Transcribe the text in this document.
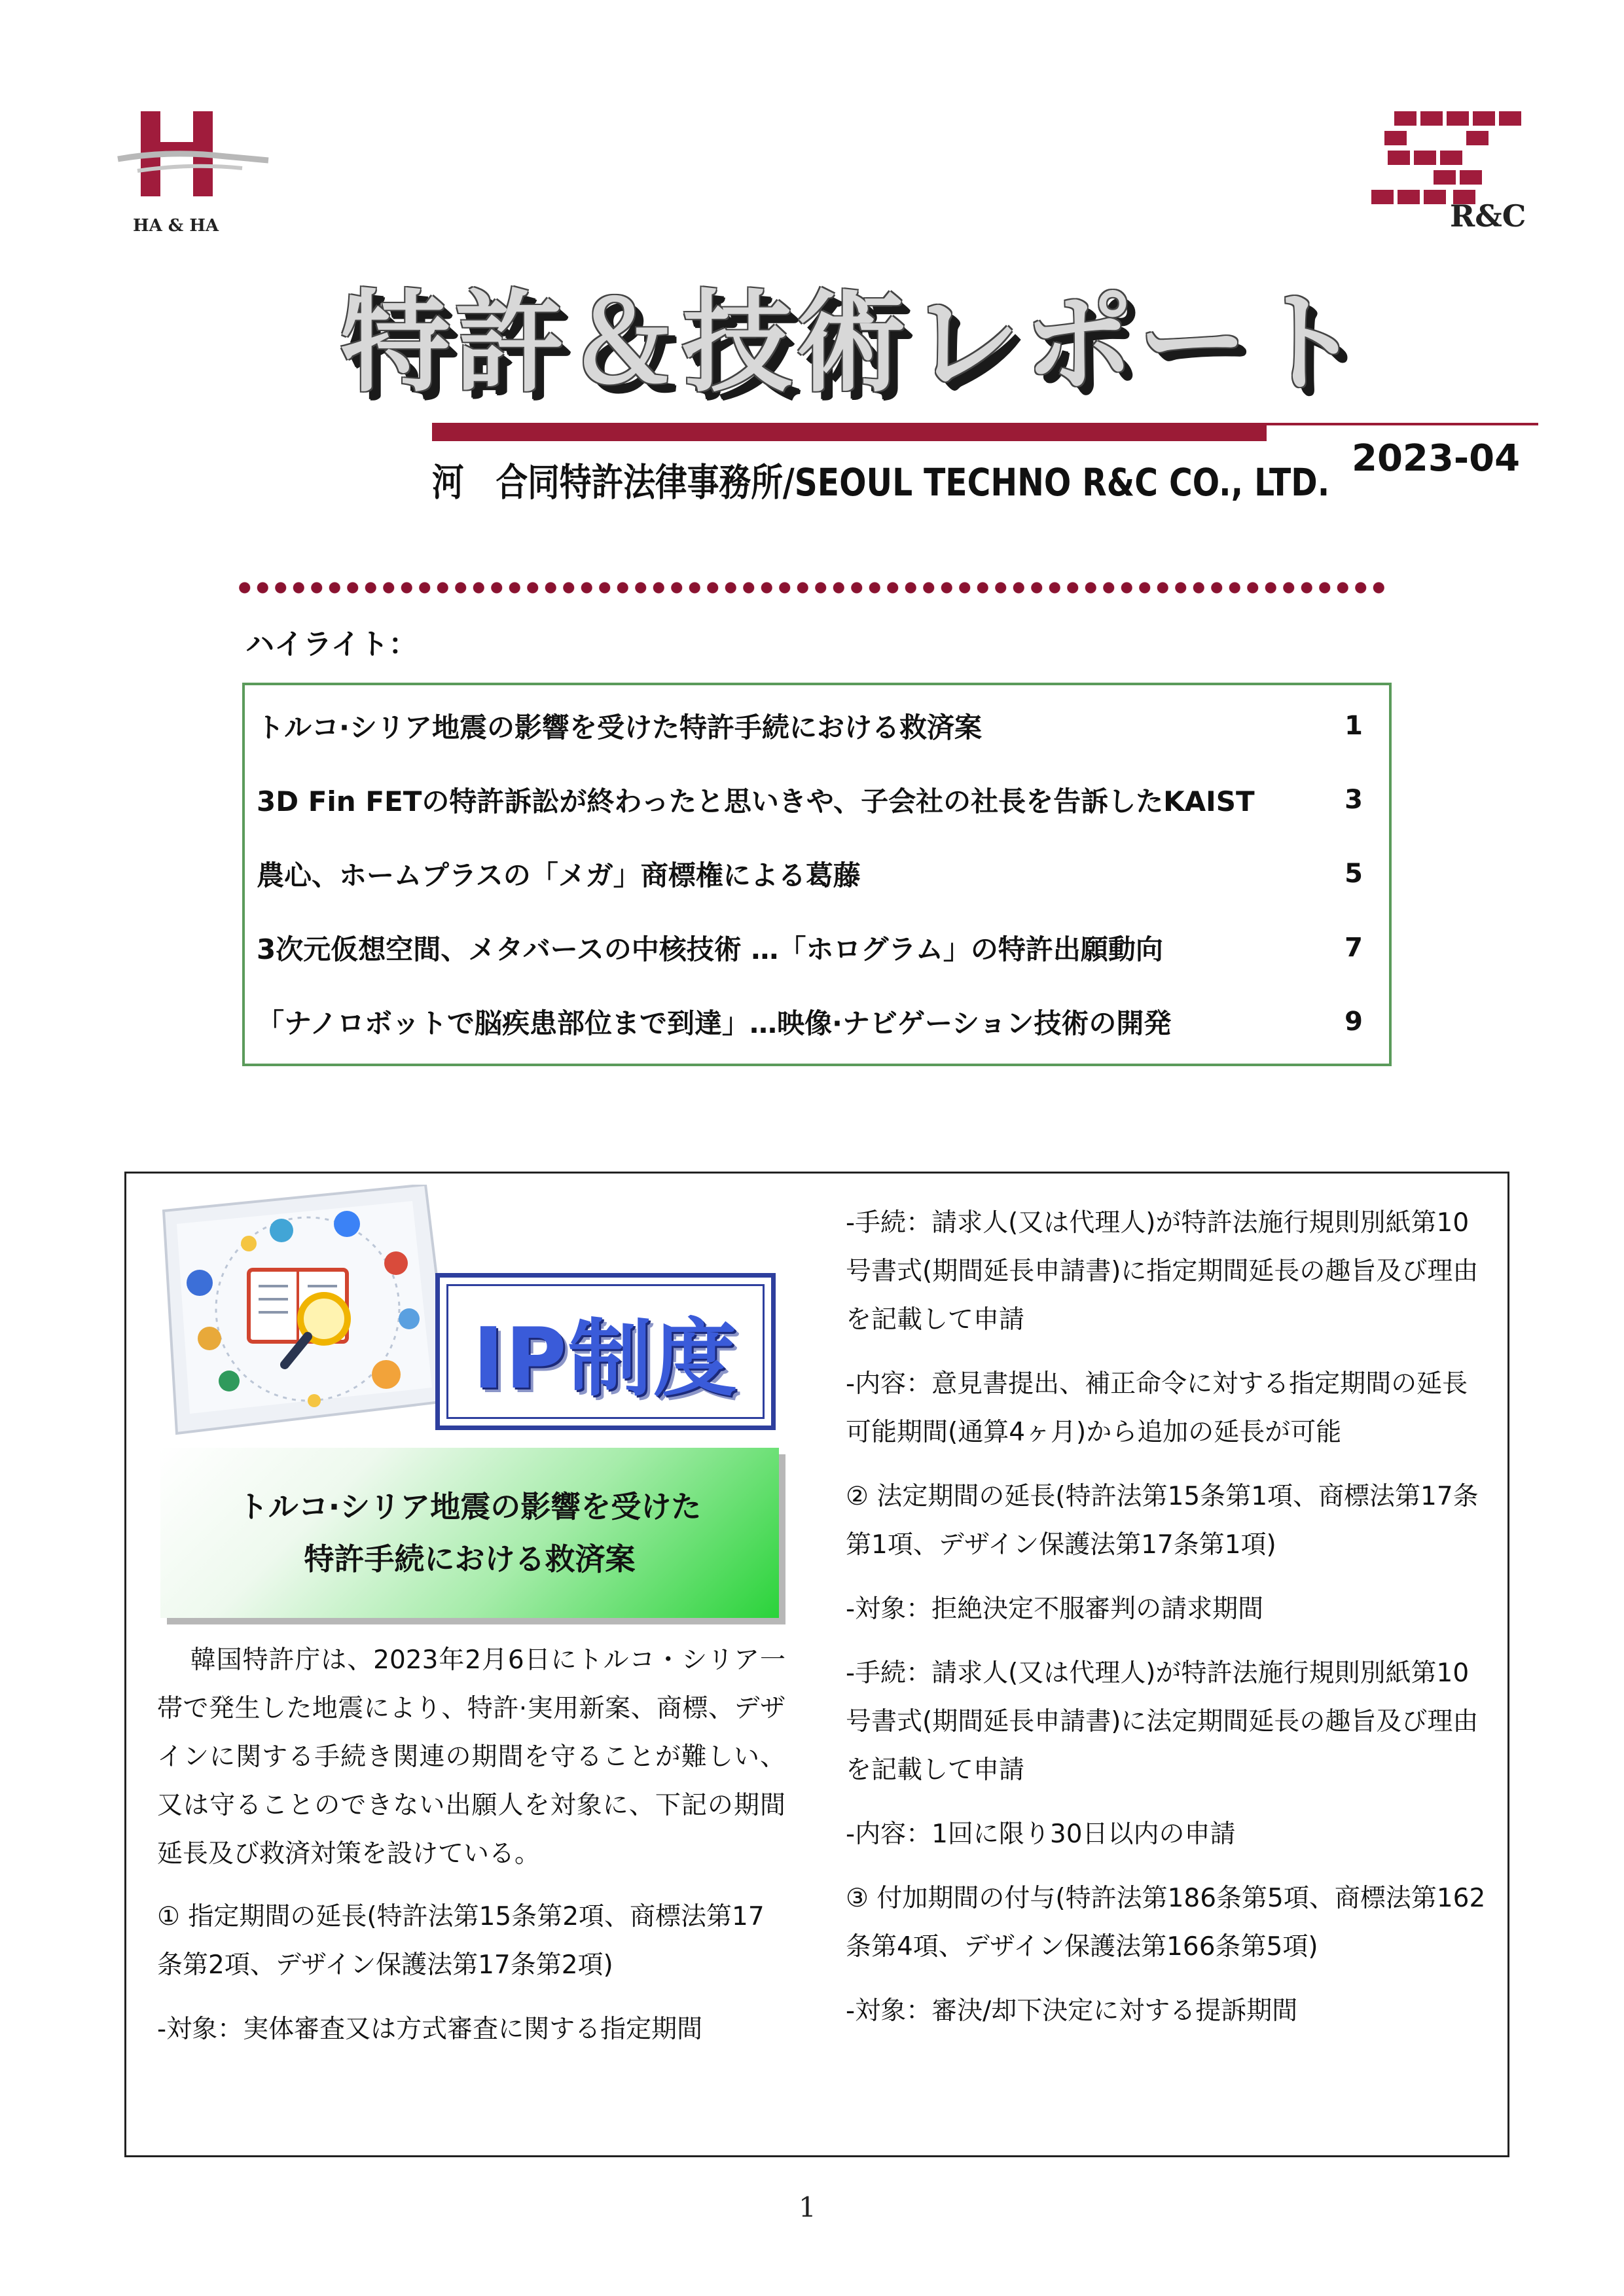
HA & HA	R&C
特許＆技術レポート
河　合同特許法律事務所/SEOUL TECHNO R&C CO., LTD.
2023-04
ハイライト：
トルコ·シリア地震の影響を受けた特許手続における救済案	1
3D Fin FETの特許訴訟が終わったと思いきや、子会社の社長を告訴したKAIST	3
農心、ホームプラスの「メガ」商標権による葛藤	5
3次元仮想空間、メタバースの中核技術 …「ホログラム」の特許出願動向	7
「ナノロボットで脳疾患部位まで到達」…映像·ナビゲーション技術の開発	9
IP制度
トルコ·シリア地震の影響を受けた
特許手続における救済案

韓国特許庁は、2023年2月6日にトルコ・シリア一帯で発生した地震により、特許·実用新案、商標、デザインに関する手続き関連の期間を守ることが難しい、又は守ることのできない出願人を対象に、下記の期間延長及び救済対策を設けている。

① 指定期間の延長(特許法第15条第2項、商標法第17条第2項、デザイン保護法第17条第2項)

-対象：実体審査又は方式審査に関する指定期間

-手続：請求人(又は代理人)が特許法施行規則別紙第10号書式(期間延長申請書)に指定期間延長の趣旨及び理由を記載して申請

-内容：意見書提出、補正命令に対する指定期間の延長可能期間(通算4ヶ月)から追加の延長が可能

② 法定期間の延長(特許法第15条第1項、商標法第17条第1項、デザイン保護法第17条第1項)

-対象：拒絶決定不服審判の請求期間

-手続：請求人(又は代理人)が特許法施行規則別紙第10号書式(期間延長申請書)に法定期間延長の趣旨及び理由を記載して申請

-内容：1回に限り30日以内の申請

③ 付加期間の付与(特許法第186条第5項、商標法第162条第4項、デザイン保護法第166条第5項)

-対象：審決/却下決定に対する提訴期間

1
